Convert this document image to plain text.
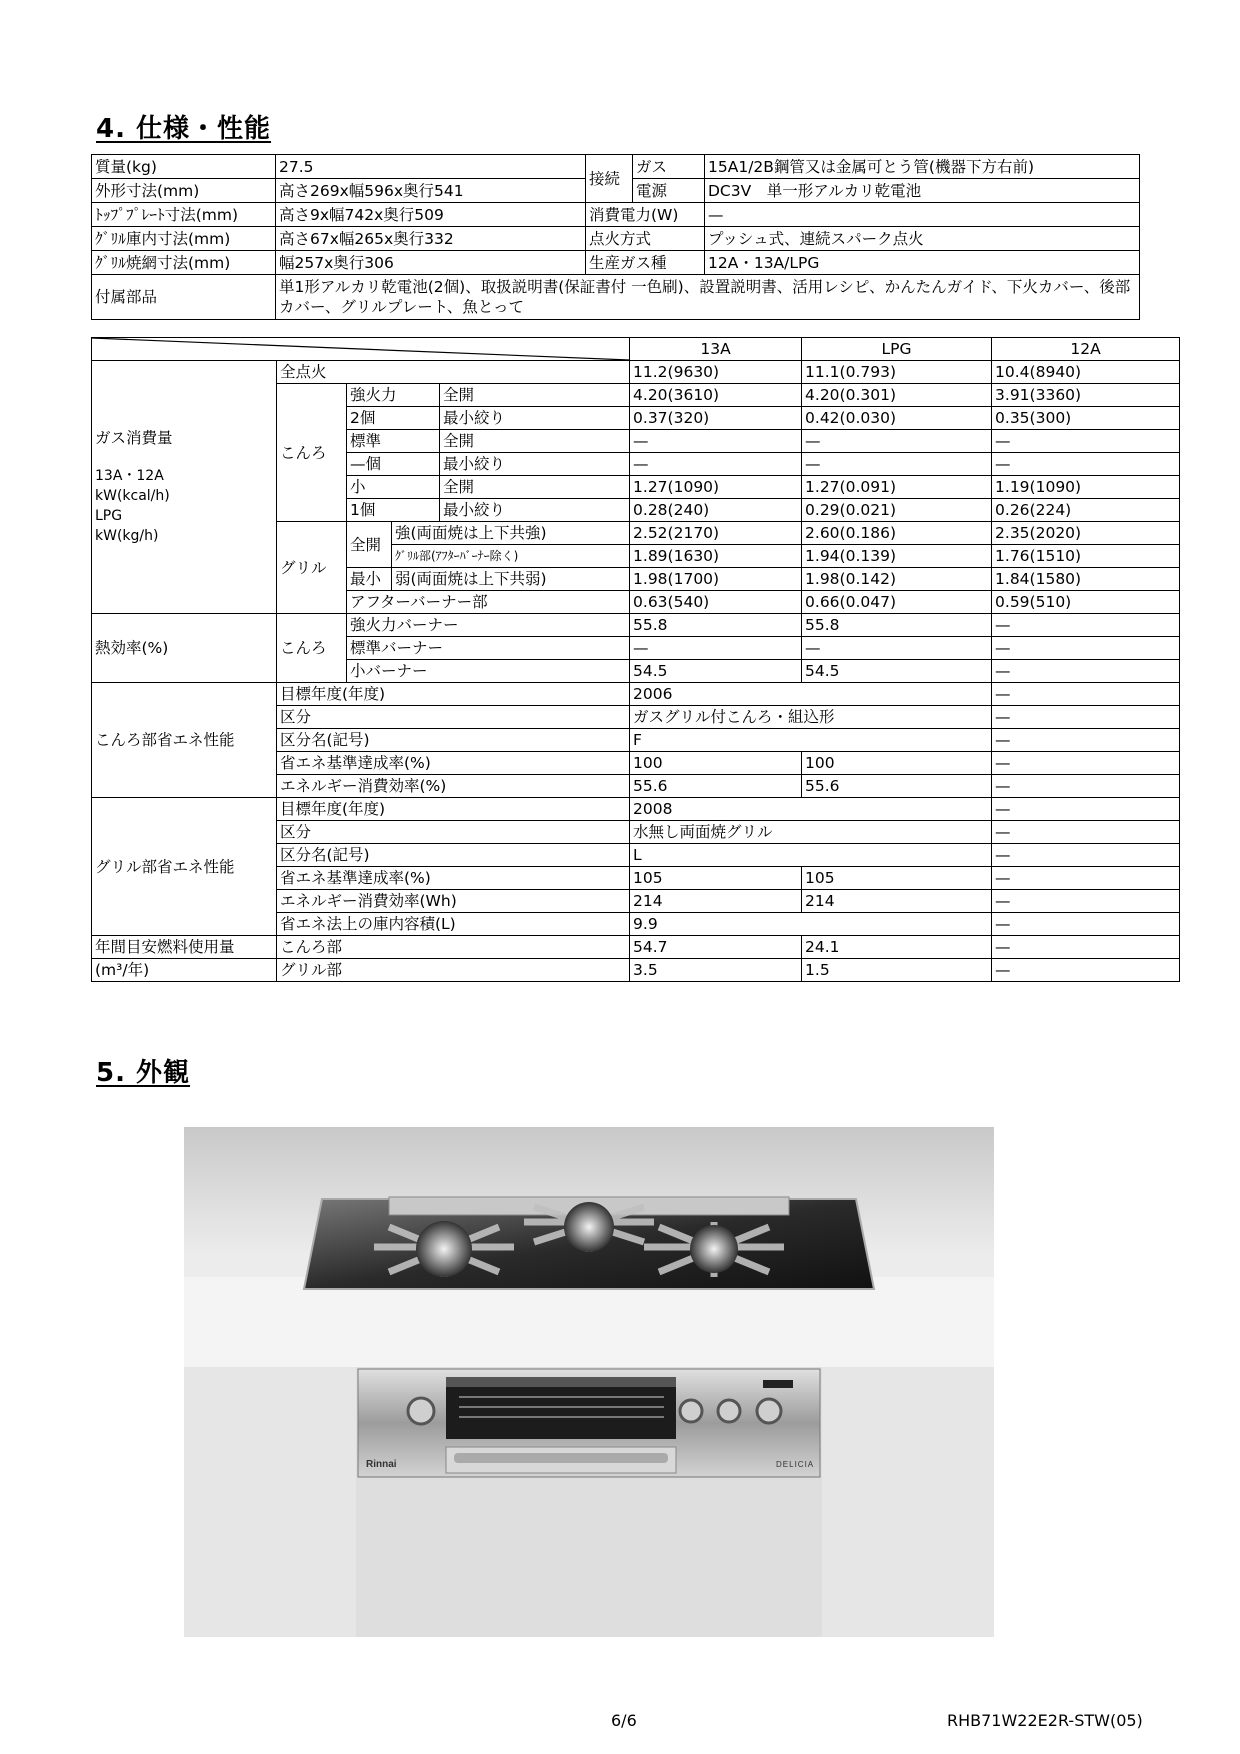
4. 仕様・性能
質量(kg)	27.5	接続	ガス	15A1/2B鋼管又は金属可とう管(機器下方右前)
外形寸法(mm)	高さ269x幅596x奥行541		電源	DC3V　単一形アルカリ乾電池
ﾄｯﾌﾟﾌﾟﾚｰﾄ寸法(mm)	高さ9x幅742x奥行509	消費電力(W)		—
ｸﾞﾘﾙ庫内寸法(mm)	高さ67x幅265x奥行332	点火方式		プッシュ式、連続スパーク点火
ｸﾞﾘﾙ焼網寸法(mm)	幅257x奥行306	生産ガス種		12A・13A/LPG
付属部品	単1形アルカリ乾電池(2個)、取扱説明書(保証書付 一色刷)、設置説明書、活用レシピ、かんたんガイド、下火カバー、後部カバー、グリルプレート、魚とって			
	13A	LPG	12A

ガス消費量
13A・12A
kW(kcal/h)
LPG
kW(kg/h)	全点火				11.2(9630)	11.1(0.793)	10.4(8940)
	こんろ	強火力		全開	4.20(3610)	4.20(0.301)	3.91(3360)
		2個		最小絞り	0.37(320)	0.42(0.030)	0.35(300)
		標準		全開	—	—	—
		—個		最小絞り	—	—	—
		小		全開	1.27(1090)	1.27(0.091)	1.19(1090)
		1個		最小絞り	0.28(240)	0.29(0.021)	0.26(224)
	グリル	全開	強(両面焼は上下共強)		2.52(2170)	2.60(0.186)	2.35(2020)
			ｸﾞﾘﾙ部(ｱﾌﾀｰﾊﾞｰﾅｰ除く)		1.89(1630)	1.94(0.139)	1.76(1510)
		最小	弱(両面焼は上下共弱)		1.98(1700)	1.98(0.142)	1.84(1580)
		アフターバーナー部			0.63(540)	0.66(0.047)	0.59(510)
熱効率(%)	こんろ	強火力バーナー			55.8	55.8	—
		標準バーナー			—	—	—
		小バーナー			54.5	54.5	—
こんろ部省エネ性能	目標年度(年度)				2006		—
	区分				ガスグリル付こんろ・組込形		—
	区分名(記号)				F		—
	省エネ基準達成率(%)				100	100	—
	エネルギー消費効率(%)				55.6	55.6	—
グリル部省エネ性能	目標年度(年度)				2008		—
	区分				水無し両面焼グリル		—
	区分名(記号)				L		—
	省エネ基準達成率(%)				105	105	—
	エネルギー消費効率(Wh)				214	214	—
	省エネ法上の庫内容積(L)				9.9		—
年間目安燃料使用量	こんろ部				54.7	24.1	—
(m³/年)	グリル部				3.5	1.5	—
5. 外観
Rinnai	DELICIA
6/6	RHB71W22E2R-STW(05)
